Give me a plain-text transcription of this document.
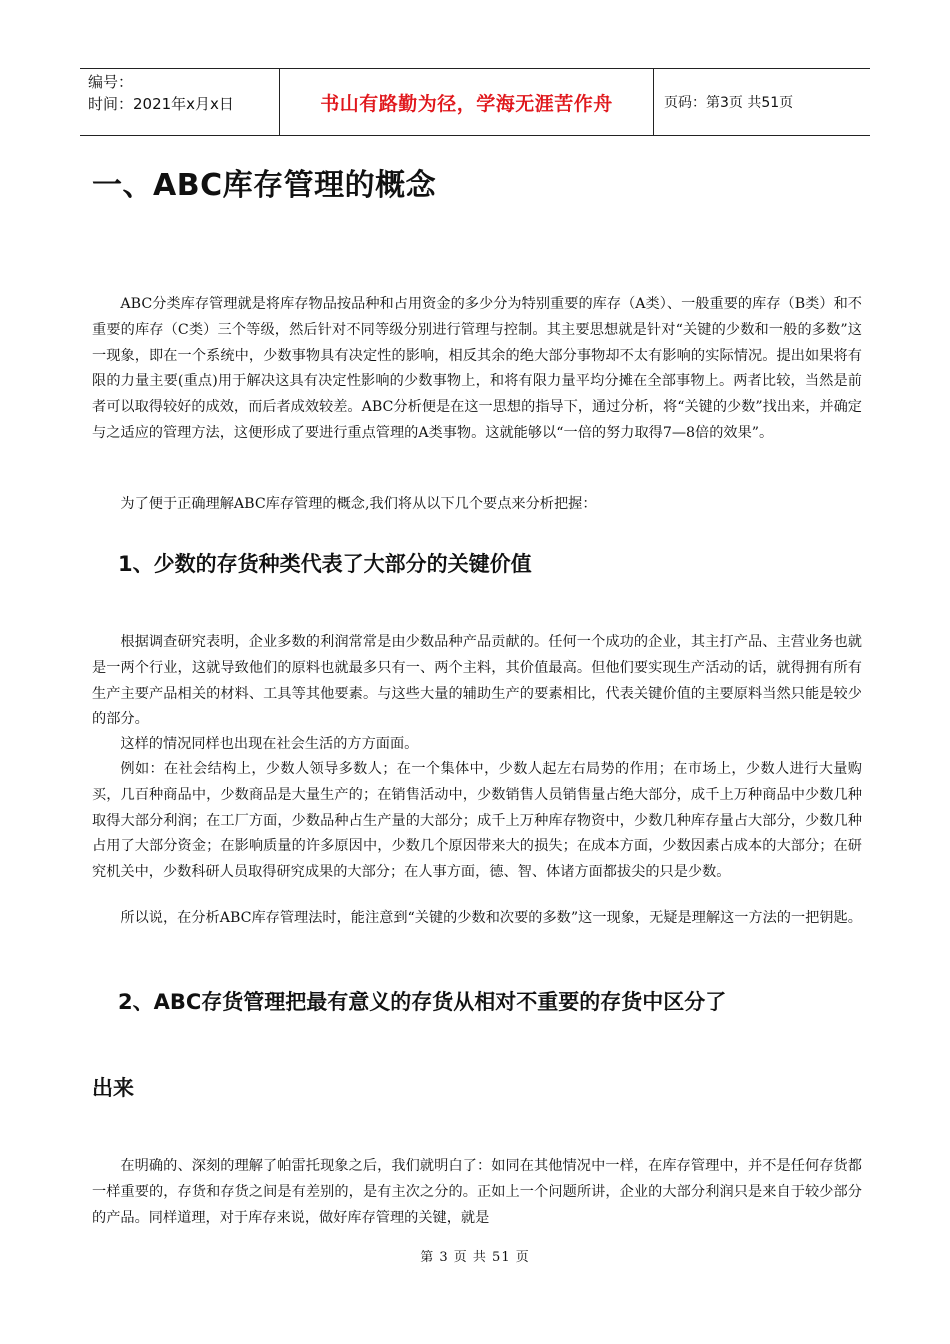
编号：
时间：2021年x月x日	书山有路勤为径，学海无涯苦作舟	页码：第3页 共51页
一、ABC库存管理的概念

ABC分类库存管理就是将库存物品按品种和占用资金的多少分为特别重要的库存（A类）、一般重要的库存（B类）和不重要的库存（C类）三个等级，然后针对不同等级分别进行管理与控制。其主要思想就是针对“关键的少数和一般的多数”这一现象，即在一个系统中，少数事物具有决定性的影响，相反其余的绝大部分事物却不太有影响的实际情况。提出如果将有限的力量主要(重点)用于解决这具有决定性影响的少数事物上，和将有限力量平均分摊在全部事物上。两者比较，当然是前者可以取得较好的成效，而后者成效较差。ABC分析便是在这一思想的指导下，通过分析，将“关键的少数”找出来，并确定与之适应的管理方法，这便形成了要进行重点管理的A类事物。这就能够以“一倍的努力取得7—8倍的效果”。

为了便于正确理解ABC库存管理的概念,我们将从以下几个要点来分析把握：

1、少数的存货种类代表了大部分的关键价值

根据调查研究表明，企业多数的利润常常是由少数品种产品贡献的。任何一个成功的企业，其主打产品、主营业务也就是一两个行业，这就导致他们的原料也就最多只有一、两个主料，其价值最高。但他们要实现生产活动的话，就得拥有所有生产主要产品相关的材料、工具等其他要素。与这些大量的辅助生产的要素相比，代表关键价值的主要原料当然只能是较少的部分。

这样的情况同样也出现在社会生活的方方面面。

例如：在社会结构上，少数人领导多数人；在一个集体中，少数人起左右局势的作用；在市场上，少数人进行大量购买，几百种商品中，少数商品是大量生产的；在销售活动中，少数销售人员销售量占绝大部分，成千上万种商品中少数几种取得大部分利润；在工厂方面，少数品种占生产量的大部分；成千上万种库存物资中，少数几种库存量占大部分，少数几种占用了大部分资金；在影响质量的许多原因中，少数几个原因带来大的损失；在成本方面，少数因素占成本的大部分；在研究机关中，少数科研人员取得研究成果的大部分；在人事方面，德、智、体诸方面都拔尖的只是少数。

所以说，在分析ABC库存管理法时，能注意到“关键的少数和次要的多数”这一现象，无疑是理解这一方法的一把钥匙。

2、ABC存货管理把最有意义的存货从相对不重要的存货中区分了
出来

在明确的、深刻的理解了帕雷托现象之后，我们就明白了：如同在其他情况中一样，在库存管理中，并不是任何存货都一样重要的，存货和存货之间是有差别的，是有主次之分的。正如上一个问题所讲，企业的大部分利润只是来自于较少部分的产品。同样道理，对于库存来说，做好库存管理的关键，就是

第 3 页 共 51 页
